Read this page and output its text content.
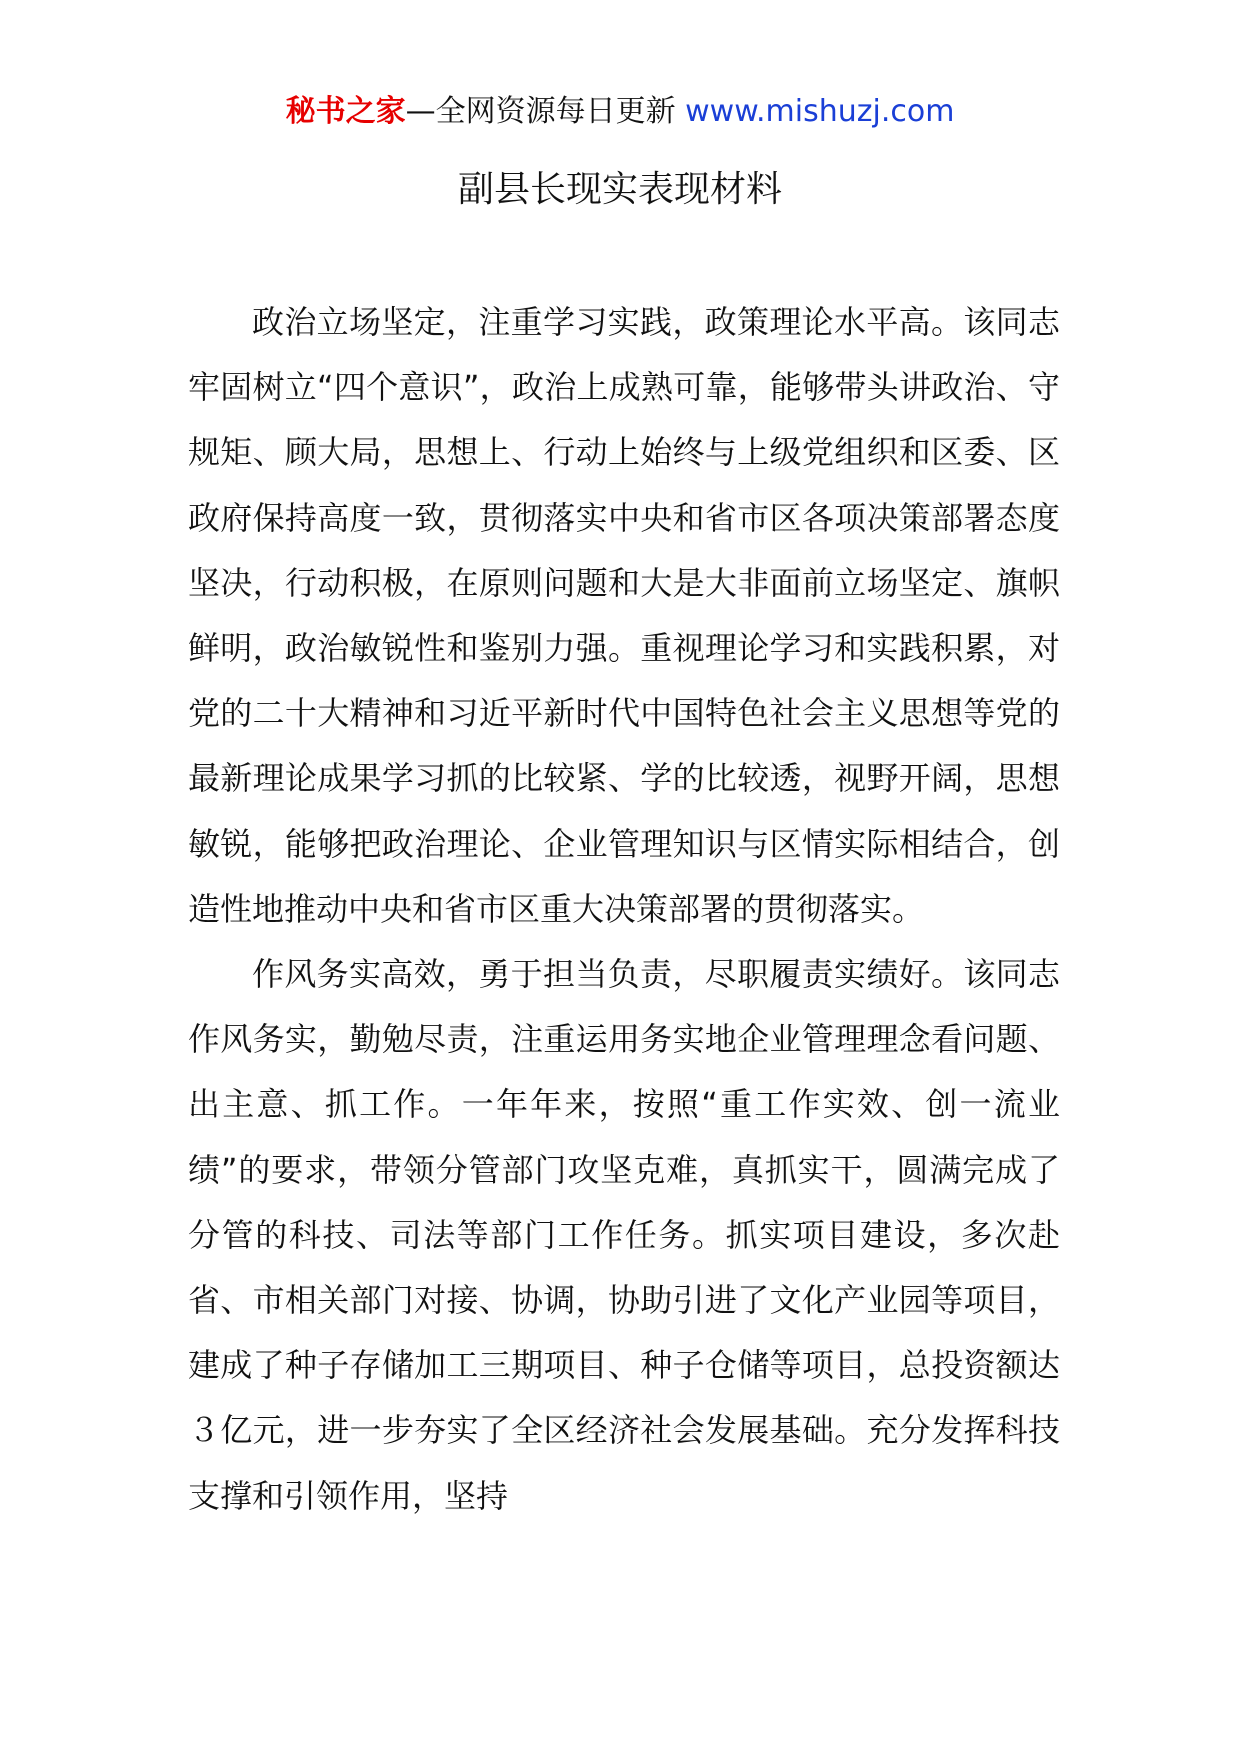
秘书之家—全网资源每日更新 www.mishuzj.com
副县长现实表现材料

政治立场坚定，注重学习实践，政策理论水平高。该同志牢固树立“四个意识”，政治上成熟可靠，能够带头讲政治、守规矩、顾大局，思想上、行动上始终与上级党组织和区委、区政府保持高度一致，贯彻落实中央和省市区各项决策部署态度坚决，行动积极，在原则问题和大是大非面前立场坚定、旗帜鲜明，政治敏锐性和鉴别力强。重视理论学习和实践积累，对党的二十大精神和习近平新时代中国特色社会主义思想等党的最新理论成果学习抓的比较紧、学的比较透，视野开阔，思想敏锐，能够把政治理论、企业管理知识与区情实际相结合，创造性地推动中央和省市区重大决策部署的贯彻落实。

作风务实高效，勇于担当负责，尽职履责实绩好。该同志作风务实，勤勉尽责，注重运用务实地企业管理理念看问题、出主意、抓工作。一年年来，按照“重工作实效、创一流业绩”的要求，带领分管部门攻坚克难，真抓实干，圆满完成了分管的科技、司法等部门工作任务。抓实项目建设，多次赴省、市相关部门对接、协调，协助引进了文化产业园等项目，建成了种子存储加工三期项目、种子仓储等项目，总投资额达３亿元，进一步夯实了全区经济社会发展基础。充分发挥科技支撑和引领作用，坚持
